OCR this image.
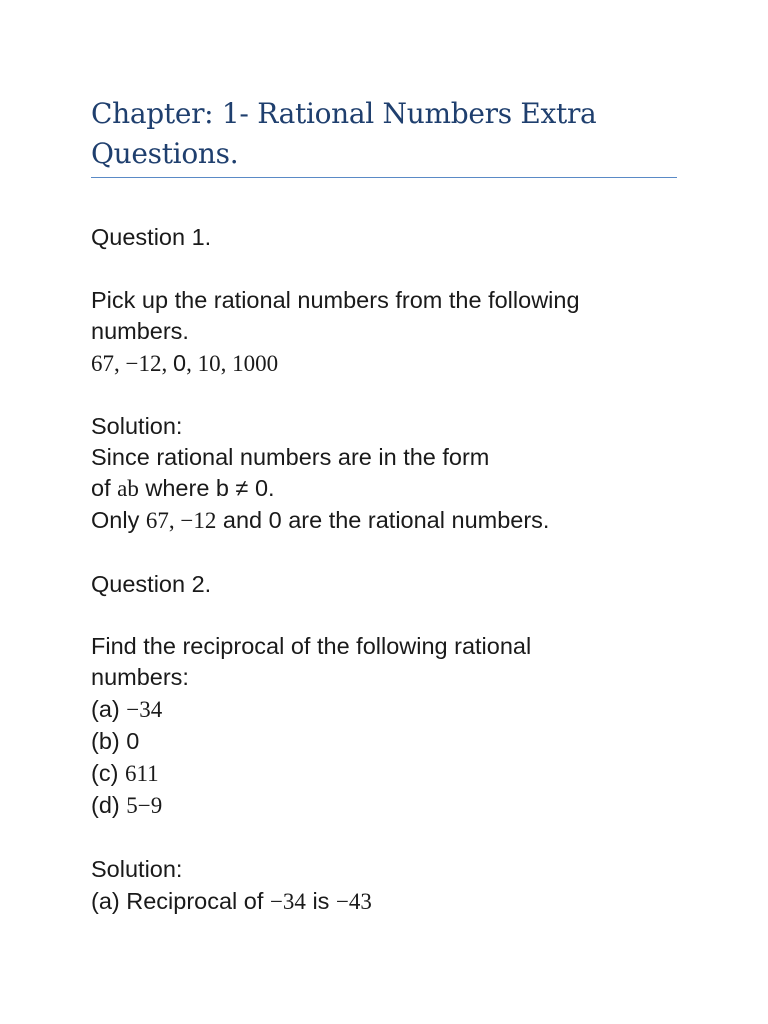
Chapter: 1- Rational Numbers Extra
Questions.
Question 1.
Pick up the rational numbers from the following
numbers.
67, −12, 0, 10, 1000
Solution:
Since rational numbers are in the form
of ab where b ≠ 0.
Only 67, −12 and 0 are the rational numbers.
Question 2.
Find the reciprocal of the following rational
numbers:
(a) −34
(b) 0
(c) 611
(d) 5−9
Solution:
(a) Reciprocal of −34 is −43
